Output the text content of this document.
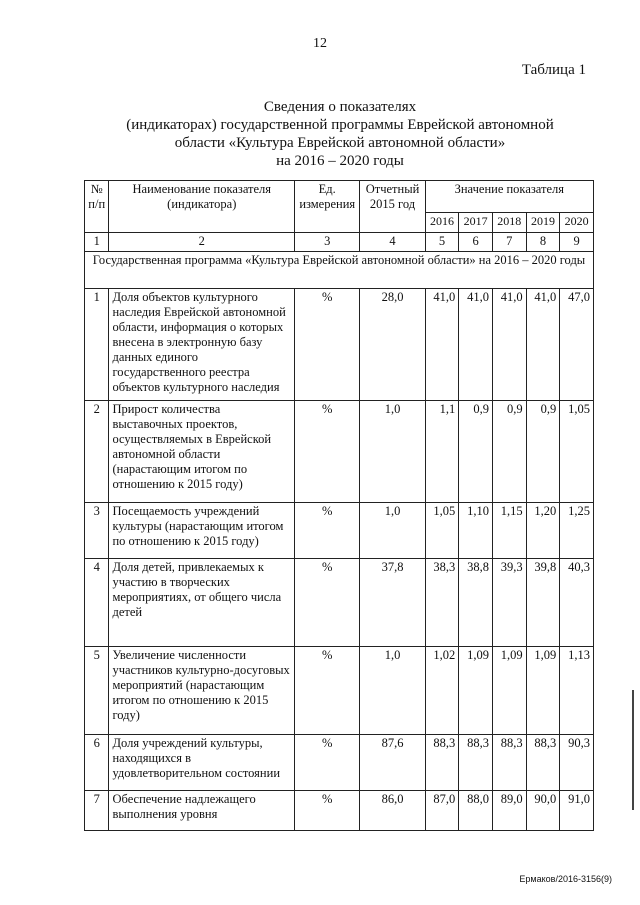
12
Таблица 1
Сведения о показателях
(индикаторах) государственной программы Еврейской автономной
области «Культура Еврейской автономной области»
на 2016 – 2020 годы
№ п/п	Наименование показателя (индикатора)	Ед. измерения	Отчетный 2015 год	Значение показателя				
				2016	2017	2018	2019	2020
1	2	3	4	5	6	7	8	9
Государственная программа «Культура Еврейской автономной области» на 2016 – 2020 годы								
1	Доля объектов культурного наследия Еврейской автономной области, информация о которых внесена в электронную базу данных единого государственного реестра объектов культурного наследия	%	28,0	41,0	41,0	41,0	41,0	47,0
2	Прирост количества выставочных проектов, осуществляемых в Еврейской автономной области (нарастающим итогом по отношению к 2015 году)	%	1,0	1,1	0,9	0,9	0,9	1,05
3	Посещаемость учреждений культуры (нарастающим итогом по отношению к 2015 году)	%	1,0	1,05	1,10	1,15	1,20	1,25
4	Доля детей, привлекаемых к участию в творческих мероприятиях, от общего числа детей	%	37,8	38,3	38,8	39,3	39,8	40,3
5	Увеличение численности участников культурно-досуговых мероприятий (нарастающим итогом по отношению к 2015 году)	%	1,0	1,02	1,09	1,09	1,09	1,13
6	Доля учреждений культуры, находящихся в удовлетворительном состоянии	%	87,6	88,3	88,3	88,3	88,3	90,3
7	Обеспечение надлежащего выполнения уровня	%	86,0	87,0	88,0	89,0	90,0	91,0
Ермаков/2016-3156(9)
